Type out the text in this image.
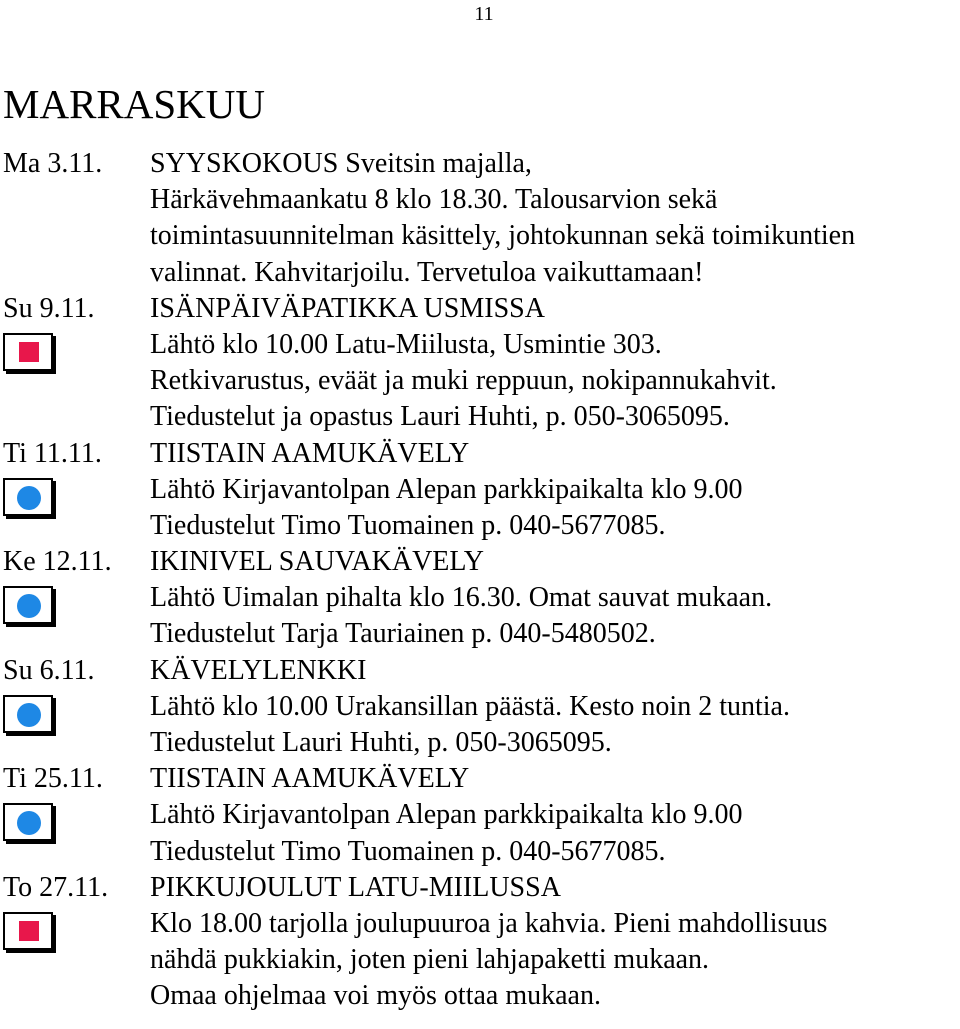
11
MARRASKUU
Ma 3.11. SYYSKOKOUS Sveitsin majalla,
Härkävehmaankatu 8 klo 18.30. Talousarvion sekä
toimintasuunnitelman käsittely, johtokunnan sekä toimikuntien
valinnat. Kahvitarjoilu. Tervetuloa vaikuttamaan!
Su 9.11. ISÄNPÄIVÄPATIKKA USMISSA
Lähtö klo 10.00 Latu-Miilusta, Usmintie 303.
Retkivarustus, eväät ja muki reppuun, nokipannukahvit.
Tiedustelut ja opastus Lauri Huhti, p. 050-3065095.
Ti 11.11. TIISTAIN AAMUKÄVELY
Lähtö Kirjavantolpan Alepan parkkipaikalta klo 9.00
Tiedustelut Timo Tuomainen p. 040-5677085.
Ke 12.11. IKINIVEL SAUVAKÄVELY
Lähtö Uimalan pihalta klo 16.30. Omat sauvat mukaan.
Tiedustelut Tarja Tauriainen p. 040-5480502.
Su 6.11. KÄVELYLENKKI
Lähtö klo 10.00 Urakansillan päästä. Kesto noin 2 tuntia.
Tiedustelut Lauri Huhti, p. 050-3065095.
Ti 25.11. TIISTAIN AAMUKÄVELY
Lähtö Kirjavantolpan Alepan parkkipaikalta klo 9.00
Tiedustelut Timo Tuomainen p. 040-5677085.
To 27.11. PIKKUJOULUT LATU-MIILUSSA
Klo 18.00 tarjolla joulupuuroa ja kahvia. Pieni mahdollisuus
nähdä pukkiakin, joten pieni lahjapaketti mukaan.
Omaa ohjelmaa voi myös ottaa mukaan.
